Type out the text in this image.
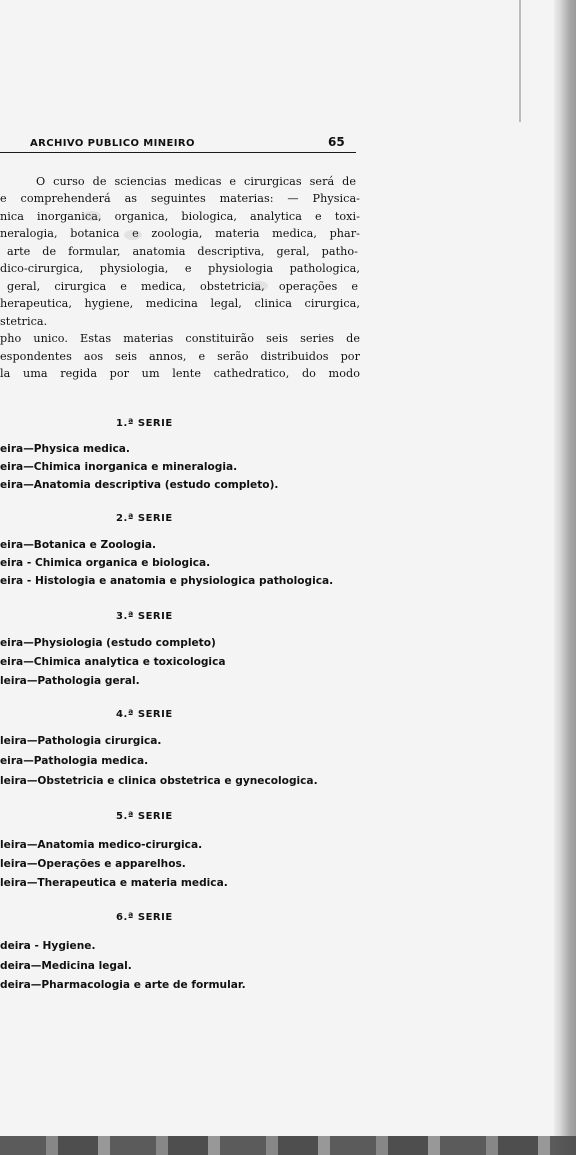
ARCHIVO PUBLICO MINEIRO	65
O curso de sciencias medicas e cirurgicas será de
e comprehenderá as seguintes materias: — Physica-
nica inorganica, organica, biologica, analytica e toxi-
neralogia, botanica e zoologia, materia medica, phar-
arte de formular, anatomia descriptiva, geral, patho-
dico-cirurgica, physiologia, e physiologia pathologica,
geral, cirurgica e medica, obstetricia, operações e
herapeutica, hygiene, medicina legal, clinica cirurgica,
stetrica.
pho unico. Estas materias constituirão seis series de
espondentes aos seis annos, e serão distribuidos por
la uma regida por um lente cathedratico, do modo
1.ª SERIE
eira—Physica medica.
eira—Chimica inorganica e mineralogia.
eira—Anatomia descriptiva (estudo completo).
2.ª SERIE
eira—Botanica e Zoologia.
eira - Chimica organica e biologica.
eira - Histologia e anatomia e physiologica pathologica.
3.ª SERIE
eira—Physiologia (estudo completo)
eira—Chimica analytica e toxicologica
leira—Pathologia geral.
4.ª SERIE
leira—Pathologia cirurgica.
eira—Pathologia medica.
leira—Obstetricia e clinica obstetrica e gynecologica.
5.ª SERIE
leira—Anatomia medico-cirurgica.
leira—Operações e apparelhos.
leira—Therapeutica e materia medica.
6.ª SERIE
deira - Hygiene.
deira—Medicina legal.
deira—Pharmacologia e arte de formular.
